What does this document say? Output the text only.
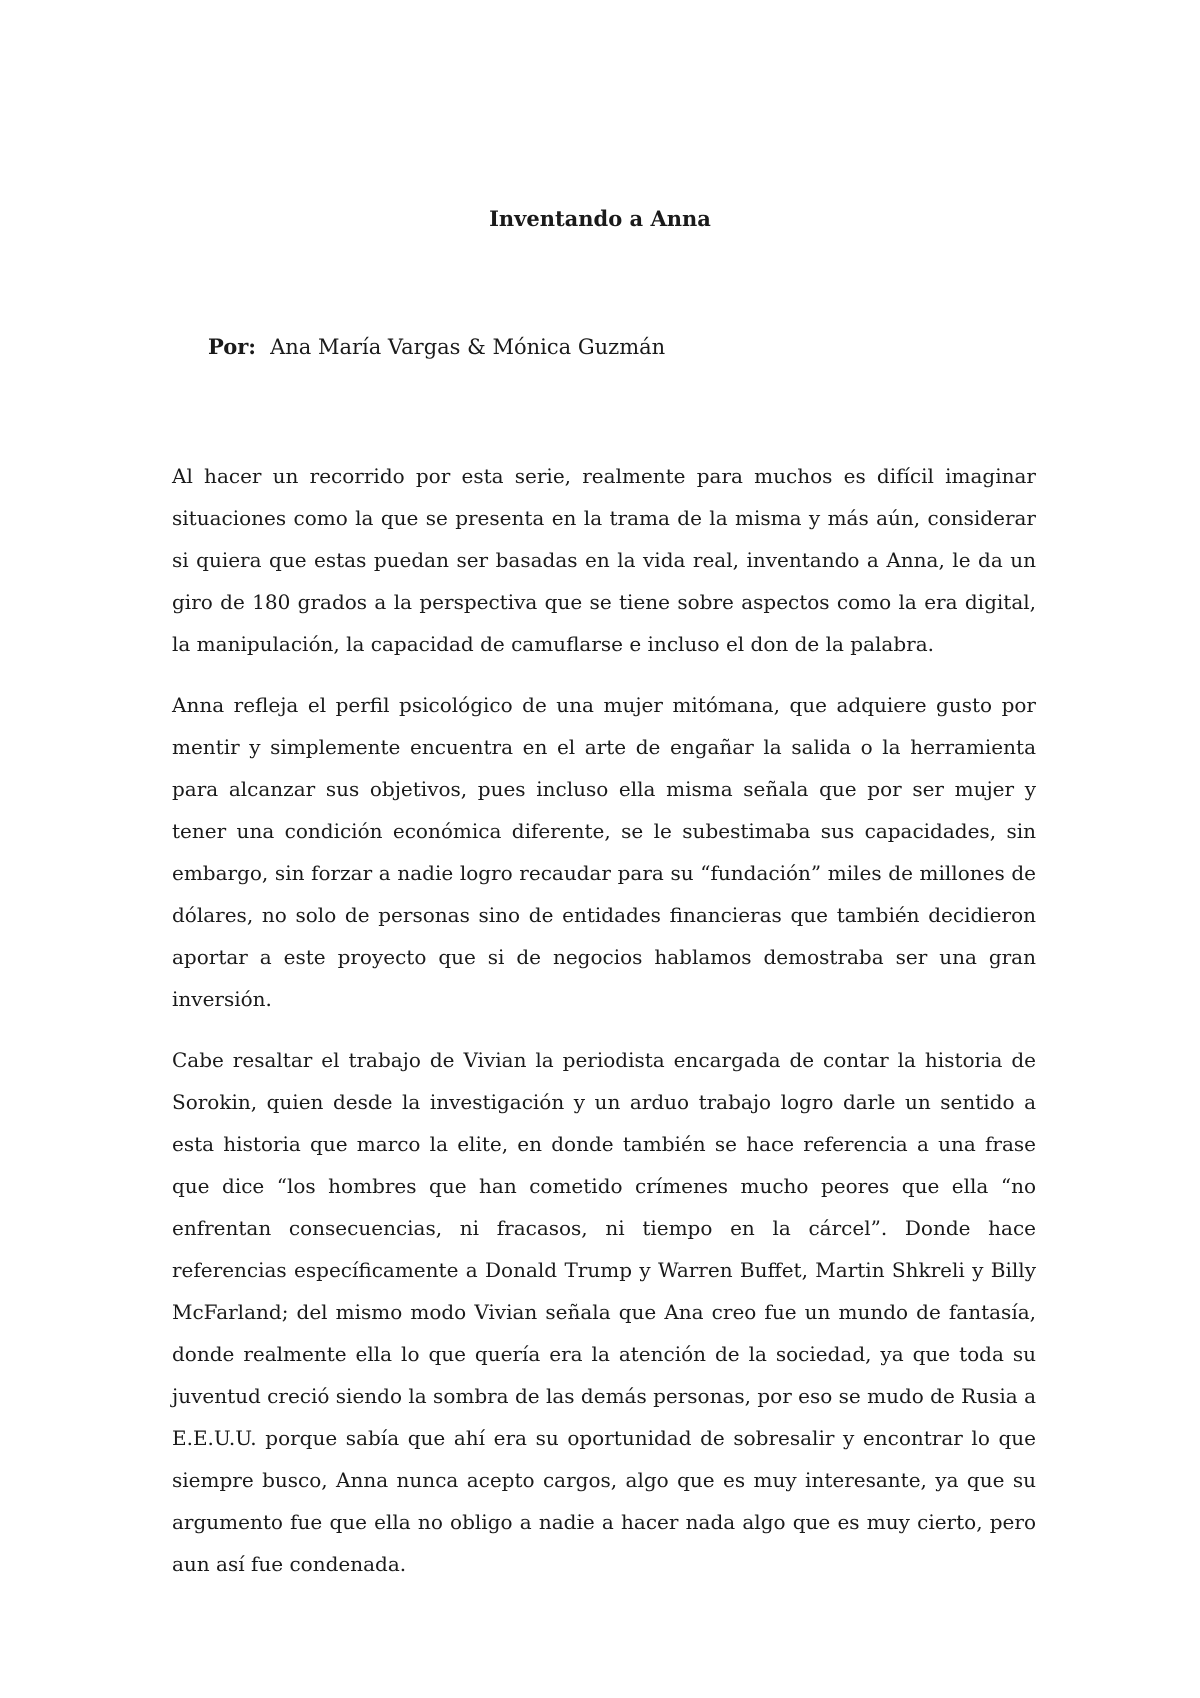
Inventando a Anna
Por: Ana María Vargas & Mónica Guzmán

Al hacer un recorrido por esta serie, realmente para muchos es difícil imaginar situaciones como la que se presenta en la trama de la misma y más aún, considerar si quiera que estas puedan ser basadas en la vida real, inventando a Anna, le da un giro de 180 grados a la perspectiva que se tiene sobre aspectos como la era digital, la manipulación, la capacidad de camuflarse e incluso el don de la palabra.

Anna refleja el perfil psicológico de una mujer mitómana, que adquiere gusto por mentir y simplemente encuentra en el arte de engañar la salida o la herramienta para alcanzar sus objetivos, pues incluso ella misma señala que por ser mujer y tener una condición económica diferente, se le subestimaba sus capacidades, sin embargo, sin forzar a nadie logro recaudar para su “fundación” miles de millones de dólares, no solo de personas sino de entidades financieras que también decidieron aportar a este proyecto que si de negocios hablamos demostraba ser una gran inversión.

Cabe resaltar el trabajo de Vivian la periodista encargada de contar la historia de Sorokin, quien desde la investigación y un arduo trabajo logro darle un sentido a esta historia que marco la elite, en donde también se hace referencia a una frase que dice “los hombres que han cometido crímenes mucho peores que ella “no enfrentan consecuencias, ni fracasos, ni tiempo en la cárcel”. Donde hace referencias específicamente a Donald Trump y Warren Buffet, Martin Shkreli y Billy McFarland; del mismo modo Vivian señala que Ana creo fue un mundo de fantasía, donde realmente ella lo que quería era la atención de la sociedad, ya que toda su juventud creció siendo la sombra de las demás personas, por eso se mudo de Rusia a E.E.U.U. porque sabía que ahí era su oportunidad de sobresalir y encontrar lo que siempre busco, Anna nunca acepto cargos, algo que es muy interesante, ya que su argumento fue que ella no obligo a nadie a hacer nada algo que es muy cierto, pero aun así fue condenada.
